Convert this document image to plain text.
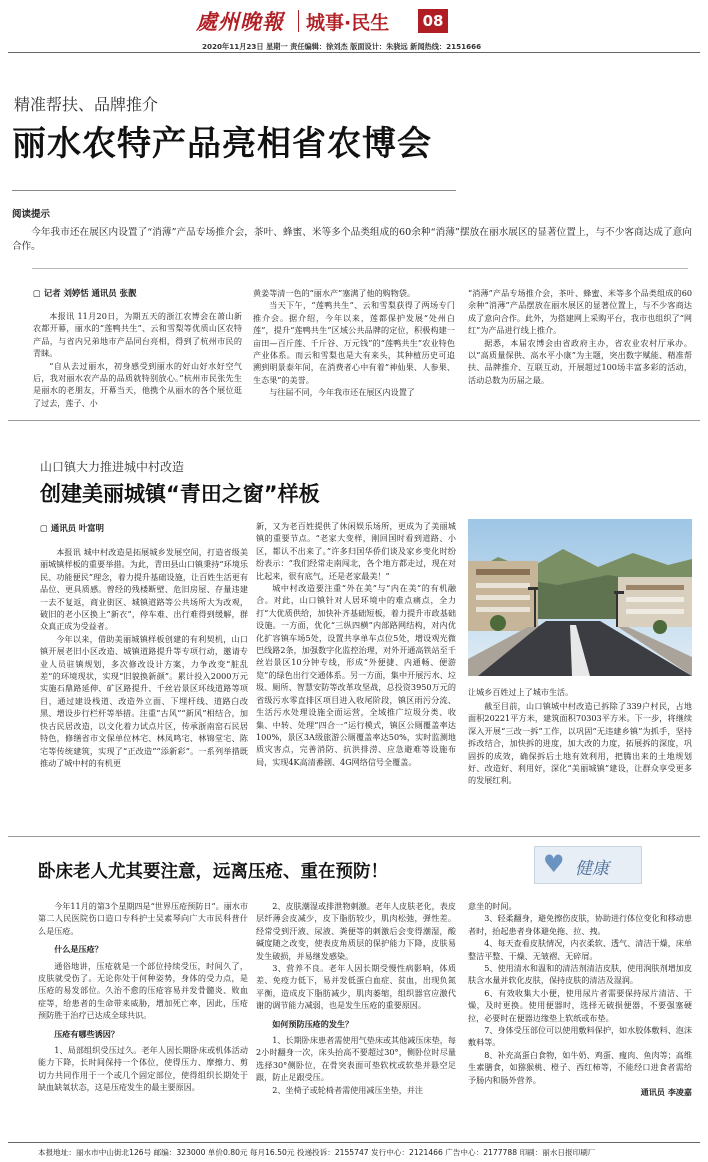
處州晚報 城事·民生	08
2020年11月23日 星期一 责任编辑：徐刘杰 版面设计：朱骁远 新闻热线：2151666
精准帮扶、品牌推介
丽水农特产品亮相省农博会
阅读提示

今年我市还在展区内设置了“消薄”产品专场推介会，茶叶、蜂蜜、米等多个品类组成的60余种“消薄”摆放在丽水展区的显著位置上，与不少客商达成了意向合作。

▢ 记者 刘婷恬 通讯员 张靓

本报讯 11月20日，为期五天的浙江农博会在萧山新农都开幕，丽水的“莲鸭共生”、云和雪梨等优质山区农特产品，与省内兄弟地市产品同台亮相，得到了杭州市民的青睐。

“自从去过丽水，初身感受到丽水的好山好水好空气后，我对丽水农产品的品质就特别放心。”杭州市民张先生是丽水的老朋友，开幕当天，他携个从丽水的各个展位逛了过去，莲子、小

黄姜等清一色的“丽水产”塞满了他的购物袋。

当天下午，“莲鸭共生”、云和雪梨获得了两场专门推介会。据介绍，今年以来，莲都保护发展“处州白莲”，提升“莲鸭共生”区域公共品牌的定位，积极构建一亩田—百斤莲、千斤谷、万元钱”的“莲鸭共生”农业特色产业体系。而云和雪梨也是大有来头，其种植历史可追溯到明景泰年间，在消费者心中有着“神仙果、人参果、生态果”的美誉。

与往届不同，今年我市还在展区内设置了

“消薄”产品专场推介会，茶叶、蜂蜜、米等多个品类组成的60余种“消薄”产品摆放在丽水展区的显著位置上，与不少客商达成了意向合作。此外，为搭建网上采购平台，我市也组织了“网红”为产品进行线上推介。

据悉，本届农博会由省政府主办，省农业农村厅承办。以“高质量保供、高水平小康”为主题，突出数字赋能、精准帮扶、品牌推介、互联互动，开展超过100场丰富多彩的活动，活动总数为历届之最。

山口镇大力推进城中村改造
创建美丽城镇“青田之窗”样板
▢ 通讯员 叶富明

本报讯 城中村改造是拓展城乡发展空间，打造省级美丽城镇样板的重要举措。为此，青田县山口镇秉持“环境乐民、功能便民”理念，着力提升基础设施，让百姓生活更有品位、更具质感。曾经的残楼断壁、危旧房屋、存量违建一去不复返，商业街区、城镇道路等公共场所大为改观，破旧的老小区换上“新衣”，停车难、出行难得到缓解，群众真正成为受益者。

今年以来，借助美丽城镇样板创建的有利契机，山口镇开展老旧小区改造、城镇道路提升等专项行动，邀请专业人员驻镇规划，多次修改设计方案，力争改变“脏乱差”的环境现状，实现“旧貌换新颜”。累计投入2000万元实施石鼎路延伸、矿区路提升、千丝岩景区环线道路等项目，通过建设栈道、改造外立面、下埋杆线、道路白改黑、增设步行栏杆等举措。注重“古风”“新风”相结合，加快古民居改造，以文化着力试点片区，传承浙南窑石民居特色，修缮省市文保单位林宅、林凤鸣宅、林锦堂宅、陈宅等传统建筑，实现了“正改造”“添新彩”。一系列举措既推动了城中村的有机更

新，又为老百姓提供了休闲娱乐场所，更成为了美丽城镇的重要节点。“老家大变样，刚回国时看到道路、小区，都认不出来了。”许多归国华侨们谈及家乡变化时纷纷表示：“我们经常走南闯北，各个地方都走过，现在对比起来，很有底气，还是老家最美！”

城中村改造要注重“外在美”与“内在美”的有机融合。对此，山口镇针对人居环境中的难点痛点，全力打“大优质供给，加快补齐基础短板，着力提升市政基础设施。一方面，优化“三纵四横”内部路网结构，对内优化扩容镇车场5处，设置共享单车点位5处，增设观光微巴线路2条，加强数字化监控治理，对外开通高铁站至千丝岩景区10分钟专线，形成“外便捷、内通畅、便游览”的绿色出行交通体系。另一方面，集中开展污水、垃圾、厕所、智慧安防等改革攻坚战，总投资3950万元的省级污水零直排区项目进入收尾阶段，镇区雨污分流、生活污水处理设施全面运营，全域推广垃圾分类、收集、中转、处理“四合一”运行模式，镇区公厕覆盖率达100%，景区3A级旅游公厕覆盖率达50%，实时监测地质灾害点，完善消防、抗洪排涝、应急避难等设施布局，实现4K高清番剧、4G网络信号全覆盖。

让城乡百姓过上了城市生活。

截至目前，山口镇城中村改造已拆除了339户村民，占地面积20221平方米，建筑面积70303平方米。下一步，将继续深入开展“三改一拆”工作，以巩固“无违建乡镇”为抓手，坚持拆改结合，加快拆的进度，加大改的力度，拓展拆的深度，巩固拆的成效，确保拆后土地有效利用，把腾出来的土地规划好、改造好、利用好，深化“美丽城镇”建设，让群众享受更多的发展红利。

卧床老人尤其要注意，远离压疮、重在预防！	♥ 健康

今年11月的第3个星期四是“世界压疮预防日”。丽水市第二人民医院伤口造口专科护士吴素琴向广大市民科普什么是压疮。

什么是压疮？

通俗地讲，压疮就是一个部位持续受压，时间久了，皮肤就受伤了。无论你处于何种姿势，身体的受力点，是压疮的易发部位。久治不愈的压疮容易并发骨髓炎、败血症等，给患者的生命带来威胁，增加死亡率，因此，压疮预防胜于治疗已达成全球共识。

压疮有哪些诱因？

1、局部组织受压过久。老年人因长期卧床或机体活动能力下降，长时间保持一个体位，使得压力、摩擦力、剪切力共同作用于一个或几个固定部位，使得组织长期处于缺血缺氧状态，这是压疮发生的最主要原因。

2、皮肤潮湿或排泄物刺激。老年人皮肤老化，表皮层纤薄会皮减少，皮下脂肪较少，肌肉松弛，弹性差。经常受到汗液、尿液、粪便等的刺激后会变得潮湿，酸碱度随之改变，使表皮角质层的保护能力下降，皮肤易发生破损，并易继发感染。

3、营养不良。老年人因长期受慢性病影响，体质差、免疫力低下，易并发低蛋白血症、贫血，出现负氮平衡，造成皮下脂肪减少，肌肉萎缩，组织器官应激代谢的调节能力减弱，也是发生压疮的重要原因。

如何预防压疮的发生？

1、长期卧床患者需使用气垫床或其他减压床垫，每2小时翻身一次，床头抬高不要超过30°，侧卧位时尽量选择30°侧卧位，在骨突表面可垫软枕或软垫并悬空足跟，防止足跟受压。

2、坐椅子或轮椅者需使用减压坐垫，并注

意坐的时间。

3、轻柔翻身，避免擦伤皮肤，协助进行体位变化和移动患者时，抬起患者身体避免拖、拉、拽。

4、每天查看皮肤情况，内衣柔软、透气、清洁干燥，床单整洁平整、干燥、无皱褶、无碎屑。

5、使用清水和温和的清洁剂清洁皮肤，使用润肤剂增加皮肤含水量并软化皮肤，保持皮肤的清洁及湿润。

6、有效收集大小便，使用尿片者需要保持尿片清洁、干燥，及时更换。使用便器时，选择无破损便器，不要强塞硬拉，必要时在便器边缘垫上软纸或布垫。

7、身体受压部位可以使用敷料保护，如水胶体敷料、泡沫敷料等。

8、补充高蛋白食物，如牛奶、鸡蛋、瘦肉、鱼肉等；高维生素膳食，如猕猴桃、橙子、西红柿等，不能经口进食者需给予肠内和肠外营养。

通讯员 李凌嘉

本报地址：丽水市中山街北126号 邮编：323000 单价0.80元 每月16.50元 投递投诉：2155747 发行中心：2121466 广告中心：2177788 印刷：丽水日报印刷厂
